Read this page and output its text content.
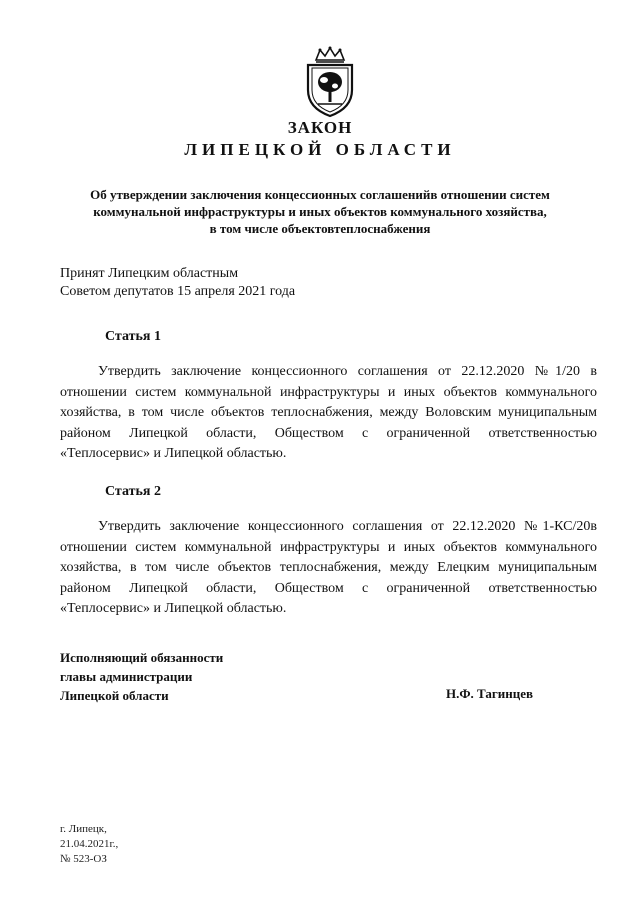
ЗАКОН
ЛИПЕЦКОЙ ОБЛАСТИ
Об утверждении заключения концессионных соглашенийв отношении систем
коммунальной инфраструктуры и иных объектов коммунального хозяйства,
в том числе объектовтеплоснабжения
Принят Липецким областным
Советом депутатов 15 апреля 2021 года
Статья 1
Утвердить заключение концессионного соглашения от 22.12.2020 №1/20 в отношении систем коммунальной инфраструктуры и иных объектов коммунального хозяйства, в том числе объектов теплоснабжения, между Воловским муниципальным районом Липецкой области, Обществом с ограниченной ответственностью «Теплосервис» и Липецкой областью.
Статья 2
Утвердить заключение концессионного соглашения от 22.12.2020 №1-КС/20в отношении систем коммунальной инфраструктуры и иных объектов коммунального хозяйства, в том числе объектов теплоснабжения, между Елецким муниципальным районом Липецкой области, Обществом с ограниченной ответственностью «Теплосервис» и Липецкой областью.
Исполняющий обязанности
главы администрации
Липецкой области	Н.Ф. Тагинцев
г. Липецк,
21.04.2021г.,
№ 523-ОЗ
